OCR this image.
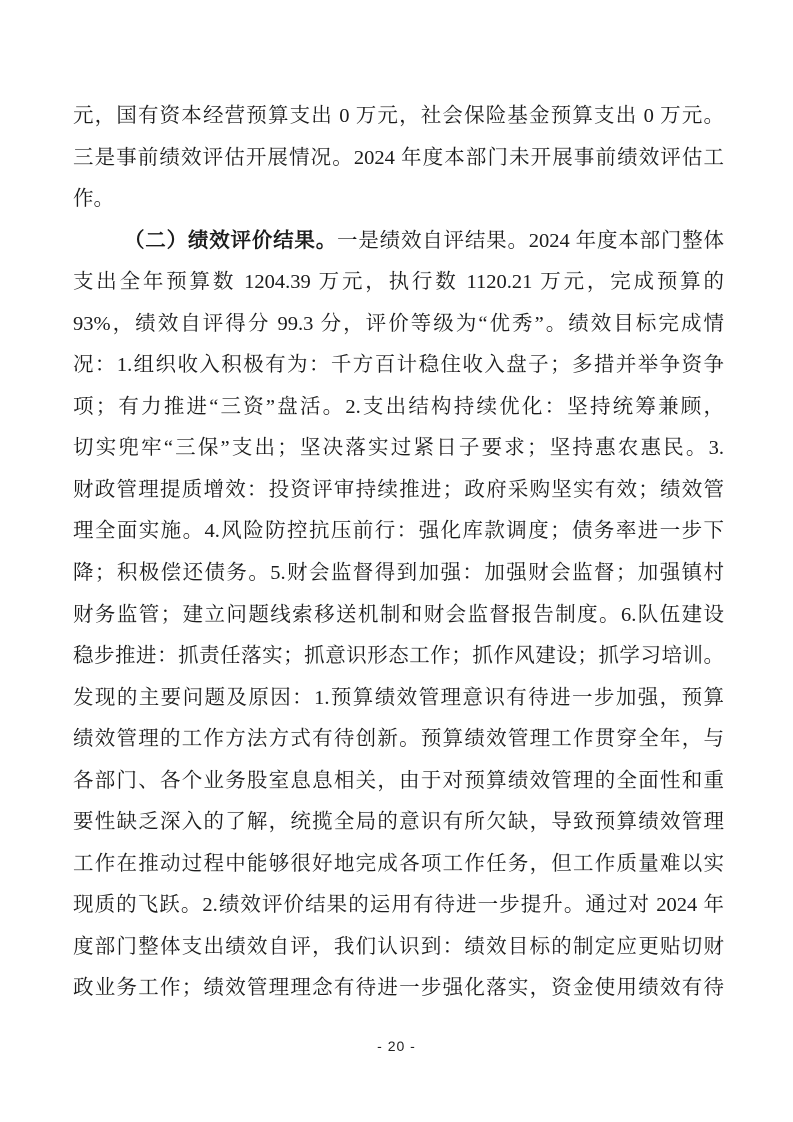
元，国有资本经营预算支出 0 万元，社会保险基金预算支出 0 万元。
三是事前绩效评估开展情况。2024 年度本部门未开展事前绩效评估工
作。
（二）绩效评价结果。一是绩效自评结果。2024 年度本部门整体
支出全年预算数 1204.39 万元，执行数 1120.21 万元，完成预算的
93%，绩效自评得分 99.3 分，评价等级为“优秀”。绩效目标完成情
况：1.组织收入积极有为：千方百计稳住收入盘子；多措并举争资争
项；有力推进“三资”盘活。2.支出结构持续优化：坚持统筹兼顾，
切实兜牢“三保”支出；坚决落实过紧日子要求；坚持惠农惠民。3.
财政管理提质增效：投资评审持续推进；政府采购坚实有效；绩效管
理全面实施。4.风险防控抗压前行：强化库款调度；债务率进一步下
降；积极偿还债务。5.财会监督得到加强：加强财会监督；加强镇村
财务监管；建立问题线索移送机制和财会监督报告制度。6.队伍建设
稳步推进：抓责任落实；抓意识形态工作；抓作风建设；抓学习培训。
发现的主要问题及原因：1.预算绩效管理意识有待进一步加强，预算
绩效管理的工作方法方式有待创新。预算绩效管理工作贯穿全年，与
各部门、各个业务股室息息相关，由于对预算绩效管理的全面性和重
要性缺乏深入的了解，统揽全局的意识有所欠缺，导致预算绩效管理
工作在推动过程中能够很好地完成各项工作任务，但工作质量难以实
现质的飞跃。2.绩效评价结果的运用有待进一步提升。通过对 2024 年
度部门整体支出绩效自评，我们认识到：绩效目标的制定应更贴切财
政业务工作；绩效管理理念有待进一步强化落实，资金使用绩效有待
- 20 -
